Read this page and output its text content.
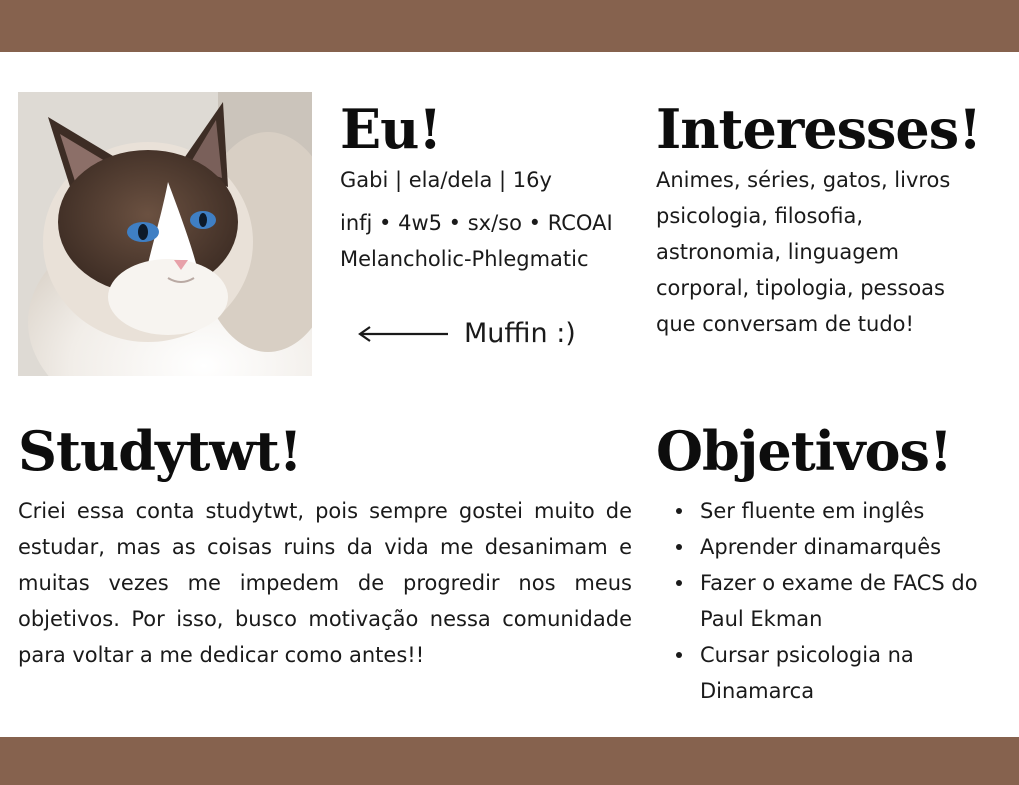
Eu!

Gabi | ela/dela | 16y

infj • 4w5 • sx/so • RCOAI

Melancholic-Phlegmatic

Muffin :)
Interesses!

Animes, séries, gatos, livros

psicologia, filosofia,

astronomia, linguagem

corporal, tipologia, pessoas

que conversam de tudo!

Studytwt!

Criei essa conta studytwt, pois sempre gostei muito de estudar, mas as coisas ruins da vida me desanimam e muitas vezes me impedem de progredir nos meus objetivos. Por isso, busco motivação nessa comunidade para voltar a me dedicar como antes!!

Objetivos!
Ser fluente em inglês
Aprender dinamarquês
Fazer o exame de FACS do Paul Ekman
Cursar psicologia na Dinamarca
